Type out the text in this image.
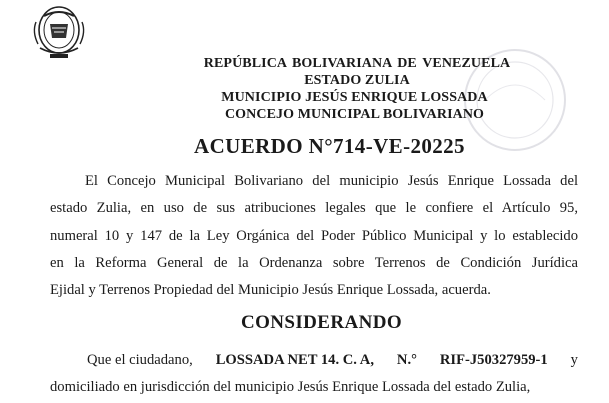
REPÚBLICA BOLIVARIANA DE VENEZUELA
ESTADO ZULIA
MUNICIPIO JESÚS ENRIQUE LOSSADA
CONCEJO MUNICIPAL BOLIVARIANO
ACUERDO N°714-VE-20225
El Concejo Municipal Bolivariano del municipio Jesús Enrique Lossada del
estado Zulia, en uso de sus atribuciones legales que le confiere el Artículo 95,
numeral 10 y 147 de la Ley Orgánica del Poder Público Municipal y lo establecido
en la Reforma General de la Ordenanza sobre Terrenos de Condición Jurídica
Ejidal y Terrenos Propiedad del Municipio Jesús Enrique Lossada, acuerda.
CONSIDERANDO
Que el ciudadano, LOSSADA NET 14. C. A, N.° RIF-J50327959-1 y
domiciliado en jurisdicción del municipio Jesús Enrique Lossada del estado Zulia,
